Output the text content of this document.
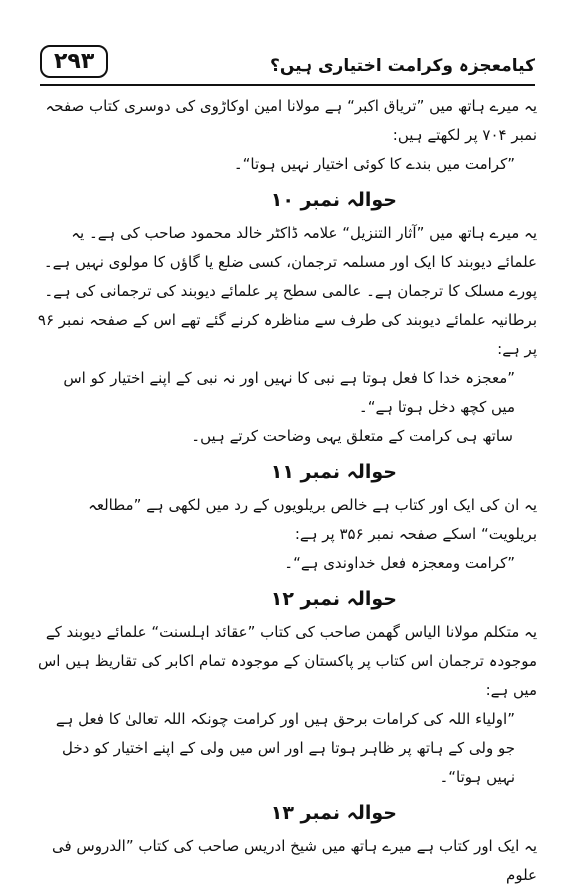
۲۹۳	کیامعجزہ وکرامت اختیاری ہیں؟

یہ میرے ہاتھ میں ”تریاق اکبر“ ہے مولانا امین اوکاڑوی کی دوسری کتاب صفحہ نمبر ۷۰۴ پر لکھتے ہیں:

”کرامت میں بندے کا کوئی اختیار نہیں ہوتا“۔

حوالہ نمبر ۱۰

یہ میرے ہاتھ میں ”آثار التنزیل“ علامہ ڈاکٹر خالد محمود صاحب کی ہے۔ یہ علمائے دیوبند کا ایک اور مسلمہ ترجمان، کسی ضلع یا گاؤں کا مولوی نہیں ہے۔ پورے مسلک کا ترجمان ہے۔ عالمی سطح پر علمائے دیوبند کی ترجمانی کی ہے۔ برطانیہ علمائے دیوبند کی طرف سے مناظرہ کرنے گئے تھے اس کے صفحہ نمبر ۹۶ پر ہے:

”معجزہ خدا کا فعل ہوتا ہے نبی کا نہیں اور نہ نبی کے اپنے اختیار کو اس میں کچھ دخل ہوتا ہے“۔

ساتھ ہی کرامت کے متعلق یہی وضاحت کرتے ہیں۔

حوالہ نمبر ۱۱

یہ ان کی ایک اور کتاب ہے خالص بریلویوں کے رد میں لکھی ہے ”مطالعہ بریلویت“ اسکے صفحہ نمبر ۳۵۶ پر ہے:

”کرامت ومعجزہ فعل خداوندی ہے“۔

حوالہ نمبر ۱۲

یہ متکلم مولانا الیاس گھمن صاحب کی کتاب ”عقائد اہلسنت“ علمائے دیوبند کے موجودہ ترجمان اس کتاب پر پاکستان کے موجودہ تمام اکابر کی تقاریظ ہیں اس میں ہے:

”اولیاء اللہ کی کرامات برحق ہیں اور کرامت چونکہ اللہ تعالیٰ کا فعل ہے جو ولی کے ہاتھ پر ظاہر ہوتا ہے اور اس میں ولی کے اپنے اختیار کو دخل نہیں ہوتا“۔

حوالہ نمبر ۱۳

یہ ایک اور کتاب ہے میرے ہاتھ میں شیخ ادریس صاحب کی کتاب ”الدروس فی علوم
